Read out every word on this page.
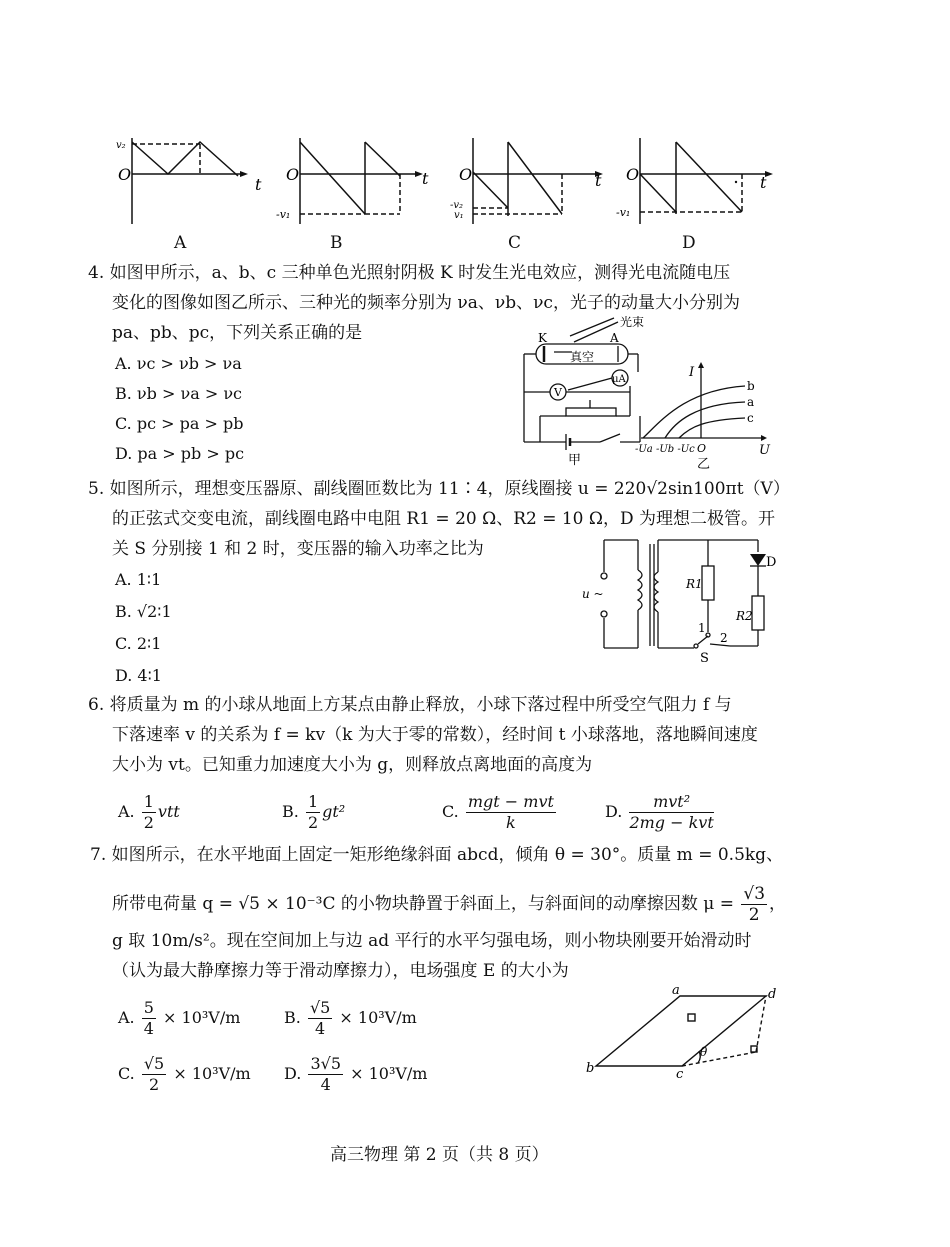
v₂
O
t
O	t
-v₁
O	t
-v₂
v₁
O	t
-v₁
A	B	C	D
4. 如图甲所示，a、b、c 三种单色光照射阴极 K 时发生光电效应，测得光电流随电压
变化的图像如图乙所示、三种光的频率分别为 νa、νb、νc，光子的动量大小分别为
pa、pb、pc，下列关系正确的是
A. νc > νb > νa
B. νb > νa > νc
C. pc > pa > pb
D. pa > pb > pc
光束
K	A
真空
μA
V
甲
I
U
b
a
c
-Ua -Ub -Uc O
乙
5. 如图所示，理想变压器原、副线圈匝数比为 11∶4，原线圈接 u = 220√2sin100πt（V）
的正弦式交变电流，副线圈电路中电阻 R1 = 20 Ω、R2 = 10 Ω，D 为理想二极管。开
关 S 分别接 1 和 2 时，变压器的输入功率之比为
A. 1∶1
B. √2∶1
C. 2∶1
D. 4∶1
u ~
R1
R2
D
1
2
S
6. 将质量为 m 的小球从地面上方某点由静止释放，小球下落过程中所受空气阻力 f 与
下落速率 v 的关系为 f = kv（k 为大于零的常数），经时间 t 小球落地，落地瞬间速度
大小为 vt。已知重力加速度大小为 g，则释放点离地面的高度为
A. $\frac{1}{2}$ vtt	B. $\frac{1}{2} gt^2$	C. $\frac{\text{mgt − mvt}}{k}$	D. $\frac{\text{mvt²}}{\text{2mg − kvt}}$
7. 如图所示，在水平地面上固定一矩形绝缘斜面 abcd，倾角 θ = 30°。质量 m = 0.5kg、
所带电荷量 q = √5 × 10⁻³C 的小物块静置于斜面上，与斜面间的动摩擦因数 $\mu = \frac{√3}{2}$ ，
g 取 10m/s²。现在空间加上与边 ad 平行的水平匀强电场，则小物块刚要开始滑动时
（认为最大静摩擦力等于滑动摩擦力），电场强度 E 的大小为
A. $\frac{5}{4} \times 10^3V/m$	B. $\frac{√5}{4} \times 10^3V/m$
C. $\frac{√5}{2} \times 10^3V/m$ D. $\frac{3√5}{4} \times 10^3V/m$
a	d
b	c
θ
高三物理 第 2 页（共 8 页）
